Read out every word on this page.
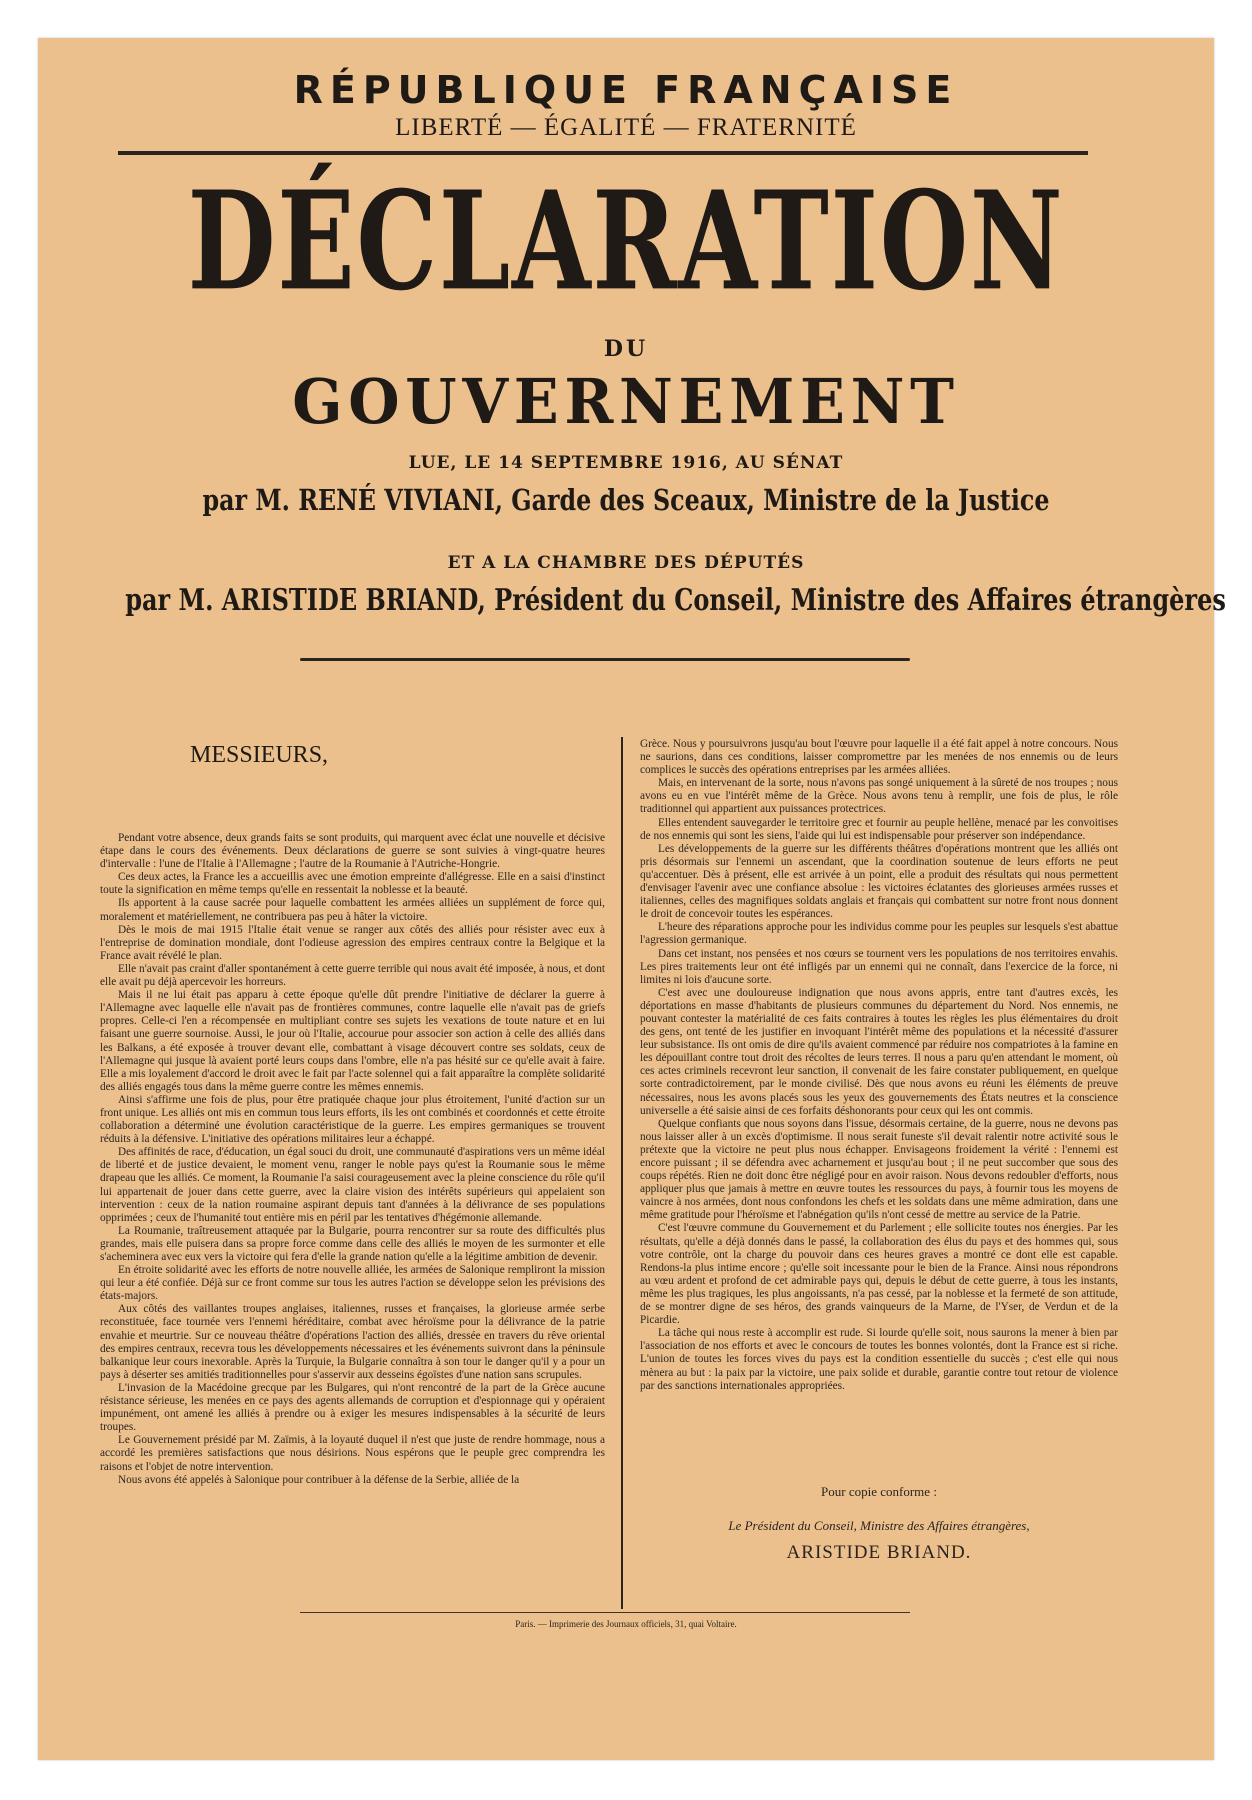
RÉPUBLIQUE FRANÇAISE
LIBERTÉ — ÉGALITÉ — FRATERNITÉ
DÉCLARATION
DU
GOUVERNEMENT
LUE, LE 14 SEPTEMBRE 1916, AU SÉNAT
par M. RENÉ VIVIANI, Garde des Sceaux, Ministre de la Justice
ET A LA CHAMBRE DES DÉPUTÉS
par M. ARISTIDE BRIAND, Président du Conseil, Ministre des Affaires étrangères
MESSIEURS,

Pendant votre absence, deux grands faits se sont produits, qui marquent avec éclat une nouvelle et décisive étape dans le cours des événements. Deux déclarations de guerre se sont suivies à vingt-quatre heures d'intervalle : l'une de l'Italie à l'Allemagne ; l'autre de la Roumanie à l'Autriche-Hongrie.

Ces deux actes, la France les a accueillis avec une émotion empreinte d'allégresse. Elle en a saisi d'instinct toute la signification en même temps qu'elle en ressentait la noblesse et la beauté.

Ils apportent à la cause sacrée pour laquelle combattent les armées alliées un supplément de force qui, moralement et matériellement, ne contribuera pas peu à hâter la victoire.

Dès le mois de mai 1915 l'Italie était venue se ranger aux côtés des alliés pour résister avec eux à l'entreprise de domination mondiale, dont l'odieuse agression des empires centraux contre la Belgique et la France avait révélé le plan.

Elle n'avait pas craint d'aller spontanément à cette guerre terrible qui nous avait été imposée, à nous, et dont elle avait pu déjà apercevoir les horreurs.

Mais il ne lui était pas apparu à cette époque qu'elle dût prendre l'initiative de déclarer la guerre à l'Allemagne avec laquelle elle n'avait pas de frontières communes, contre laquelle elle n'avait pas de griefs propres. Celle-ci l'en a récompensée en multipliant contre ses sujets les vexations de toute nature et en lui faisant une guerre sournoise. Aussi, le jour où l'Italie, accourue pour associer son action à celle des alliés dans les Balkans, a été exposée à trouver devant elle, combattant à visage découvert contre ses soldats, ceux de l'Allemagne qui jusque là avaient porté leurs coups dans l'ombre, elle n'a pas hésité sur ce qu'elle avait à faire. Elle a mis loyalement d'accord le droit avec le fait par l'acte solennel qui a fait apparaître la complète solidarité des alliés engagés tous dans la même guerre contre les mêmes ennemis.

Ainsi s'affirme une fois de plus, pour être pratiquée chaque jour plus étroitement, l'unité d'action sur un front unique. Les alliés ont mis en commun tous leurs efforts, ils les ont combinés et coordonnés et cette étroite collaboration a déterminé une évolution caractéristique de la guerre. Les empires germaniques se trouvent réduits à la défensive. L'initiative des opérations militaires leur a échappé.

Des affinités de race, d'éducation, un égal souci du droit, une communauté d'aspirations vers un même idéal de liberté et de justice devaient, le moment venu, ranger le noble pays qu'est la Roumanie sous le même drapeau que les alliés. Ce moment, la Roumanie l'a saisi courageusement avec la pleine conscience du rôle qu'il lui appartenait de jouer dans cette guerre, avec la claire vision des intérêts supérieurs qui appelaient son intervention : ceux de la nation roumaine aspirant depuis tant d'années à la délivrance de ses populations opprimées ; ceux de l'humanité tout entière mis en péril par les tentatives d'hégémonie allemande.

La Roumanie, traîtreusement attaquée par la Bulgarie, pourra rencontrer sur sa route des difficultés plus grandes, mais elle puisera dans sa propre force comme dans celle des alliés le moyen de les surmonter et elle s'acheminera avec eux vers la victoire qui fera d'elle la grande nation qu'elle a la légitime ambition de devenir.

En étroite solidarité avec les efforts de notre nouvelle alliée, les armées de Salonique rempliront la mission qui leur a été confiée. Déjà sur ce front comme sur tous les autres l'action se développe selon les prévisions des états-majors.

Aux côtés des vaillantes troupes anglaises, italiennes, russes et françaises, la glorieuse armée serbe reconstituée, face tournée vers l'ennemi héréditaire, combat avec héroïsme pour la délivrance de la patrie envahie et meurtrie. Sur ce nouveau théâtre d'opérations l'action des alliés, dressée en travers du rêve oriental des empires centraux, recevra tous les développements nécessaires et les événements suivront dans la péninsule balkanique leur cours inexorable. Après la Turquie, la Bulgarie connaîtra à son tour le danger qu'il y a pour un pays à déserter ses amitiés traditionnelles pour s'asservir aux desseins égoïstes d'une nation sans scrupules.

L'invasion de la Macédoine grecque par les Bulgares, qui n'ont rencontré de la part de la Grèce aucune résistance sérieuse, les menées en ce pays des agents allemands de corruption et d'espionnage qui y opéraient impunément, ont amené les alliés à prendre ou à exiger les mesures indispensables à la sécurité de leurs troupes.

Le Gouvernement présidé par M. Zaïmis, à la loyauté duquel il n'est que juste de rendre hommage, nous a accordé les premières satisfactions que nous désirions. Nous espérons que le peuple grec comprendra les raisons et l'objet de notre intervention.

Nous avons été appelés à Salonique pour contribuer à la défense de la Serbie, alliée de la

Grèce. Nous y poursuivrons jusqu'au bout l'œuvre pour laquelle il a été fait appel à notre concours. Nous ne saurions, dans ces conditions, laisser compromettre par les menées de nos ennemis ou de leurs complices le succès des opérations entreprises par les armées alliées.

Mais, en intervenant de la sorte, nous n'avons pas songé uniquement à la sûreté de nos troupes ; nous avons eu en vue l'intérêt même de la Grèce. Nous avons tenu à remplir, une fois de plus, le rôle traditionnel qui appartient aux puissances protectrices.

Elles entendent sauvegarder le territoire grec et fournir au peuple hellène, menacé par les convoitises de nos ennemis qui sont les siens, l'aide qui lui est indispensable pour préserver son indépendance.

Les développements de la guerre sur les différents théâtres d'opérations montrent que les alliés ont pris désormais sur l'ennemi un ascendant, que la coordination soutenue de leurs efforts ne peut qu'accentuer. Dès à présent, elle est arrivée à un point, elle a produit des résultats qui nous permettent d'envisager l'avenir avec une confiance absolue : les victoires éclatantes des glorieuses armées russes et italiennes, celles des magnifiques soldats anglais et français qui combattent sur notre front nous donnent le droit de concevoir toutes les espérances.

L'heure des réparations approche pour les individus comme pour les peuples sur lesquels s'est abattue l'agression germanique.

Dans cet instant, nos pensées et nos cœurs se tournent vers les populations de nos territoires envahis. Les pires traitements leur ont été infligés par un ennemi qui ne connaît, dans l'exercice de la force, ni limites ni lois d'aucune sorte.

C'est avec une douloureuse indignation que nous avons appris, entre tant d'autres excès, les déportations en masse d'habitants de plusieurs communes du département du Nord. Nos ennemis, ne pouvant contester la matérialité de ces faits contraires à toutes les règles les plus élémentaires du droit des gens, ont tenté de les justifier en invoquant l'intérêt même des populations et la nécessité d'assurer leur subsistance. Ils ont omis de dire qu'ils avaient commencé par réduire nos compatriotes à la famine en les dépouillant contre tout droit des récoltes de leurs terres. Il nous a paru qu'en attendant le moment, où ces actes criminels recevront leur sanction, il convenait de les faire constater publiquement, en quelque sorte contradictoirement, par le monde civilisé. Dès que nous avons eu réuni les éléments de preuve nécessaires, nous les avons placés sous les yeux des gouvernements des États neutres et la conscience universelle a été saisie ainsi de ces forfaits déshonorants pour ceux qui les ont commis.

Quelque confiants que nous soyons dans l'issue, désormais certaine, de la guerre, nous ne devons pas nous laisser aller à un excès d'optimisme. Il nous serait funeste s'il devait ralentir notre activité sous le prétexte que la victoire ne peut plus nous échapper. Envisageons froidement la vérité : l'ennemi est encore puissant ; il se défendra avec acharnement et jusqu'au bout ; il ne peut succomber que sous des coups répétés. Rien ne doit donc être négligé pour en avoir raison. Nous devons redoubler d'efforts, nous appliquer plus que jamais à mettre en œuvre toutes les ressources du pays, à fournir tous les moyens de vaincre à nos armées, dont nous confondons les chefs et les soldats dans une même admiration, dans une même gratitude pour l'héroïsme et l'abnégation qu'ils n'ont cessé de mettre au service de la Patrie.

C'est l'œuvre commune du Gouvernement et du Parlement ; elle sollicite toutes nos énergies. Par les résultats, qu'elle a déjà donnés dans le passé, la collaboration des élus du pays et des hommes qui, sous votre contrôle, ont la charge du pouvoir dans ces heures graves a montré ce dont elle est capable. Rendons-la plus intime encore ; qu'elle soit incessante pour le bien de la France. Ainsi nous répondrons au vœu ardent et profond de cet admirable pays qui, depuis le début de cette guerre, à tous les instants, même les plus tragiques, les plus angoissants, n'a pas cessé, par la noblesse et la fermeté de son attitude, de se montrer digne de ses héros, des grands vainqueurs de la Marne, de l'Yser, de Verdun et de la Picardie.

La tâche qui nous reste à accomplir est rude. Si lourde qu'elle soit, nous saurons la mener à bien par l'association de nos efforts et avec le concours de toutes les bonnes volontés, dont la France est si riche. L'union de toutes les forces vives du pays est la condition essentielle du succès ; c'est elle qui nous mènera au but : la paix par la victoire, une paix solide et durable, garantie contre tout retour de violence par des sanctions internationales appropriées.

Pour copie conforme :
Le Président du Conseil, Ministre des Affaires étrangères,
ARISTIDE BRIAND.
Paris. — Imprimerie des Journaux officiels, 31, quai Voltaire.
